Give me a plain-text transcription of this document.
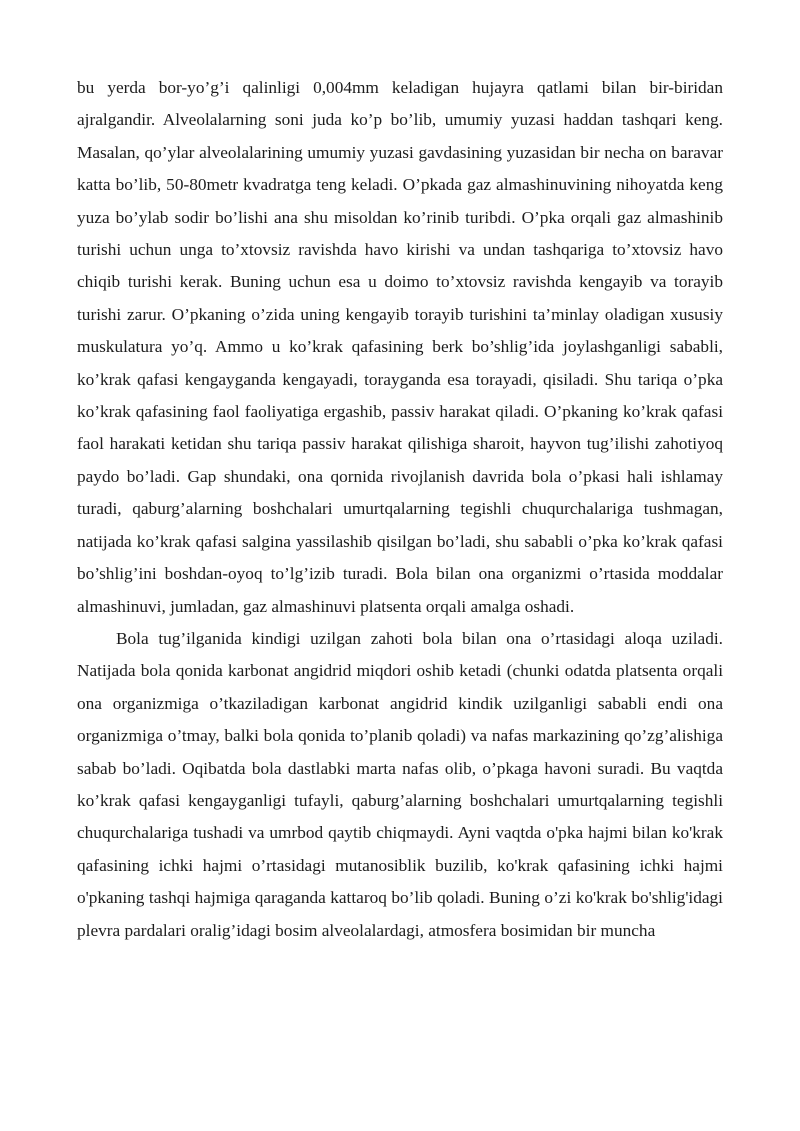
bu yerda bor-yo’g’i qalinligi 0,004mm keladigan hujayra qatlami bilan bir-biridan ajralgandir. Alveolalarning soni juda ko’p bo’lib, umumiy yuzasi haddan tashqari keng. Masalan, qo’ylar alveolalarining umumiy yuzasi gavdasining yuzasidan bir necha on baravar katta bo’lib, 50-80metr kvadratga teng keladi. O’pkada gaz almashinuvining nihoyatda keng yuza bo’ylab sodir bo’lishi ana shu misoldan ko’rinib turibdi. O’pka orqali gaz almashinib turishi uchun unga to’xtovsiz ravishda havo kirishi va undan tashqariga to’xtovsiz havo chiqib turishi kerak. Buning uchun esa u doimo to’xtovsiz ravishda kengayib va torayib turishi zarur. O’pkaning o’zida uning kengayib torayib turishini ta’minlay oladigan xususiy muskulatura yo’q. Ammo u ko’krak qafasining berk bo’shlig’ida joylashganligi sababli, ko’krak qafasi kengayganda kengayadi, torayganda esa torayadi, qisiladi. Shu tariqa o’pka ko’krak qafasining faol faoliyatiga ergashib, passiv harakat qiladi. O’pkaning ko’krak qafasi faol harakati ketidan shu tariqa passiv harakat qilishiga sharoit, hayvon tug’ilishi zahotiyoq paydo bo’ladi. Gap shundaki, ona qornida rivojlanish davrida bola o’pkasi hali ishlamay turadi, qaburg’alarning boshchalari umurtqalarning tegishli chuqurchalariga tushmagan, natijada ko’krak qafasi salgina yassilashib qisilgan bo’ladi, shu sababli o’pka ko’krak qafasi bo’shlig’ini boshdan-oyoq to’lg’izib turadi. Bola bilan ona organizmi o’rtasida moddalar almashinuvi, jumladan, gaz almashinuvi platsenta orqali amalga oshadi.

Bola tug’ilganida kindigi uzilgan zahoti bola bilan ona o’rtasidagi aloqa uziladi. Natijada bola qonida karbonat angidrid miqdori oshib ketadi (chunki odatda platsenta orqali ona organizmiga o’tkaziladigan karbonat angidrid kindik uzilganligi sababli endi ona organizmiga o’tmay, balki bola qonida to’planib qoladi) va nafas markazining qo’zg’alishiga sabab bo’ladi. Oqibatda bola dastlabki marta nafas olib, o’pkaga havoni suradi. Bu vaqtda ko’krak qafasi kengayganligi tufayli, qaburg’alarning boshchalari umurtqalarning tegishli chuqurchalariga tushadi va umrbod qaytib chiqmaydi. Ayni vaqtda o'pka hajmi bilan ko'krak qafasining ichki hajmi o’rtasidagi mutanosiblik buzilib, ko'krak qafasining ichki hajmi o'pkaning tashqi hajmiga qaraganda kattaroq bo’lib qoladi. Buning o’zi ko'krak bo'shlig'idagi plevra pardalari oralig’idagi bosim alveolalardagi, atmosfera bosimidan bir muncha
